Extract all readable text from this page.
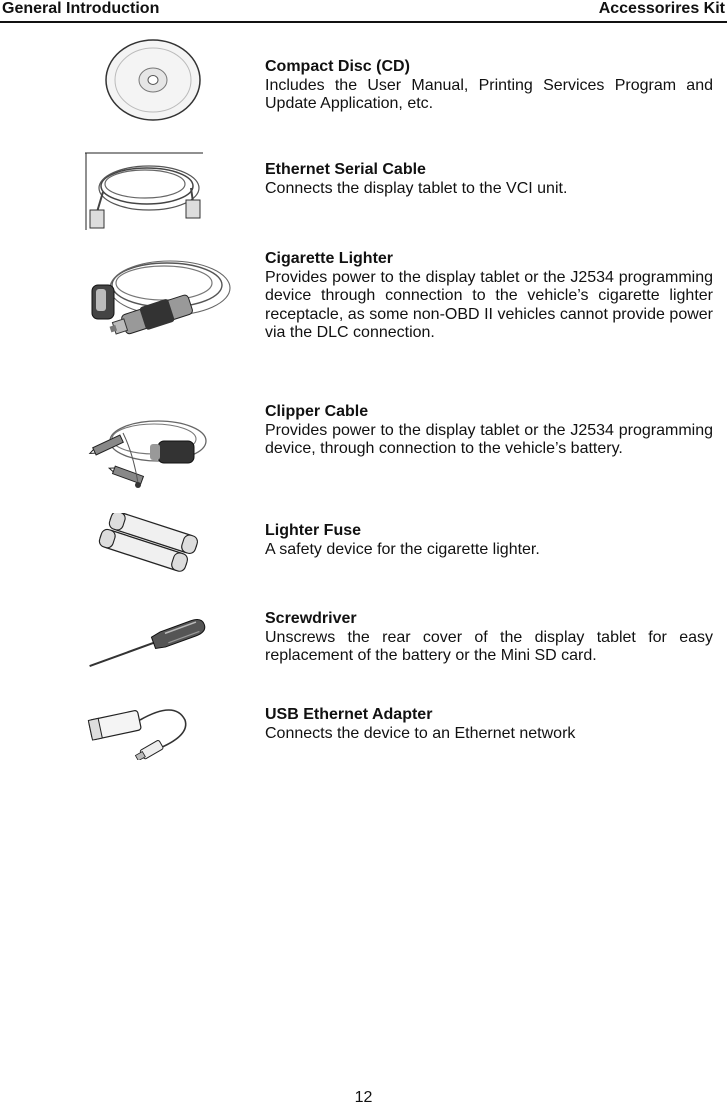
General Introduction	Accessorires Kit
Compact Disc (CD)
Includes the User Manual, Printing Services Program and Update Application, etc.
Ethernet Serial Cable
Connects the display tablet to the VCI unit.
Cigarette Lighter
Provides power to the display tablet or the J2534 programming device through connection to the vehicle’s cigarette lighter receptacle, as some non-OBD II vehicles cannot provide power via the DLC connection.
Clipper Cable
Provides power to the display tablet or the J2534 programming device, through connection to the vehicle’s battery.
Lighter Fuse
A safety device for the cigarette lighter.
Screwdriver
Unscrews the rear cover of the display tablet for easy replacement of the battery or the Mini SD card.
USB Ethernet Adapter
Connects the device to an Ethernet network
12
